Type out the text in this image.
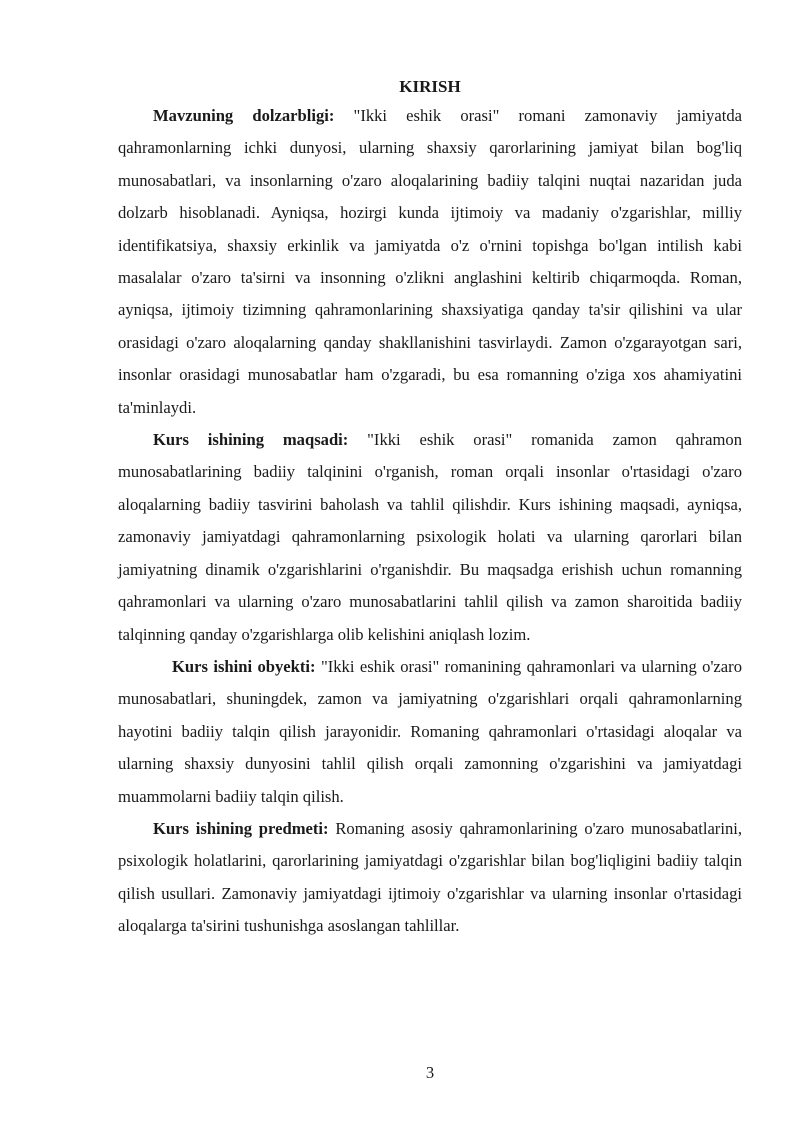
KIRISH

Mavzuning dolzarbligi: "Ikki eshik orasi" romani zamonaviy jamiyatda qahramonlarning ichki dunyosi, ularning shaxsiy qarorlarining jamiyat bilan bog'liq munosabatlari, va insonlarning o'zaro aloqalarining badiiy talqini nuqtai nazaridan juda dolzarb hisoblanadi. Ayniqsa, hozirgi kunda ijtimoiy va madaniy o'zgarishlar, milliy identifikatsiya, shaxsiy erkinlik va jamiyatda o'z o'rnini topishga bo'lgan intilish kabi masalalar o'zaro ta'sirni va insonning o'zlikni anglashini keltirib chiqarmoqda. Roman, ayniqsa, ijtimoiy tizimning qahramonlarining shaxsiyatiga qanday ta'sir qilishini va ular orasidagi o'zaro aloqalarning qanday shakllanishini tasvirlaydi. Zamon o'zgarayotgan sari, insonlar orasidagi munosabatlar ham o'zgaradi, bu esa romanning o'ziga xos ahamiyatini ta'minlaydi.

Kurs ishining maqsadi: "Ikki eshik orasi" romanida zamon qahramon munosabatlarining badiiy talqinini o'rganish, roman orqali insonlar o'rtasidagi o'zaro aloqalarning badiiy tasvirini baholash va tahlil qilishdir. Kurs ishining maqsadi, ayniqsa, zamonaviy jamiyatdagi qahramonlarning psixologik holati va ularning qarorlari bilan jamiyatning dinamik o'zgarishlarini o'rganishdir. Bu maqsadga erishish uchun romanning qahramonlari va ularning o'zaro munosabatlarini tahlil qilish va zamon sharoitida badiiy talqinning qanday o'zgarishlarga olib kelishini aniqlash lozim.

Kurs ishini obyekti: "Ikki eshik orasi" romanining qahramonlari va ularning o'zaro munosabatlari, shuningdek, zamon va jamiyatning o'zgarishlari orqali qahramonlarning hayotini badiiy talqin qilish jarayonidir. Romaning qahramonlari o'rtasidagi aloqalar va ularning shaxsiy dunyosini tahlil qilish orqali zamonning o'zgarishini va jamiyatdagi muammolarni badiiy talqin qilish.

Kurs ishining predmeti: Romaning asosiy qahramonlarining o'zaro munosabatlarini, psixologik holatlarini, qarorlarining jamiyatdagi o'zgarishlar bilan bog'liqligini badiiy talqin qilish usullari. Zamonaviy jamiyatdagi ijtimoiy o'zgarishlar va ularning insonlar o'rtasidagi aloqalarga ta'sirini tushunishga asoslangan tahlillar.

3
